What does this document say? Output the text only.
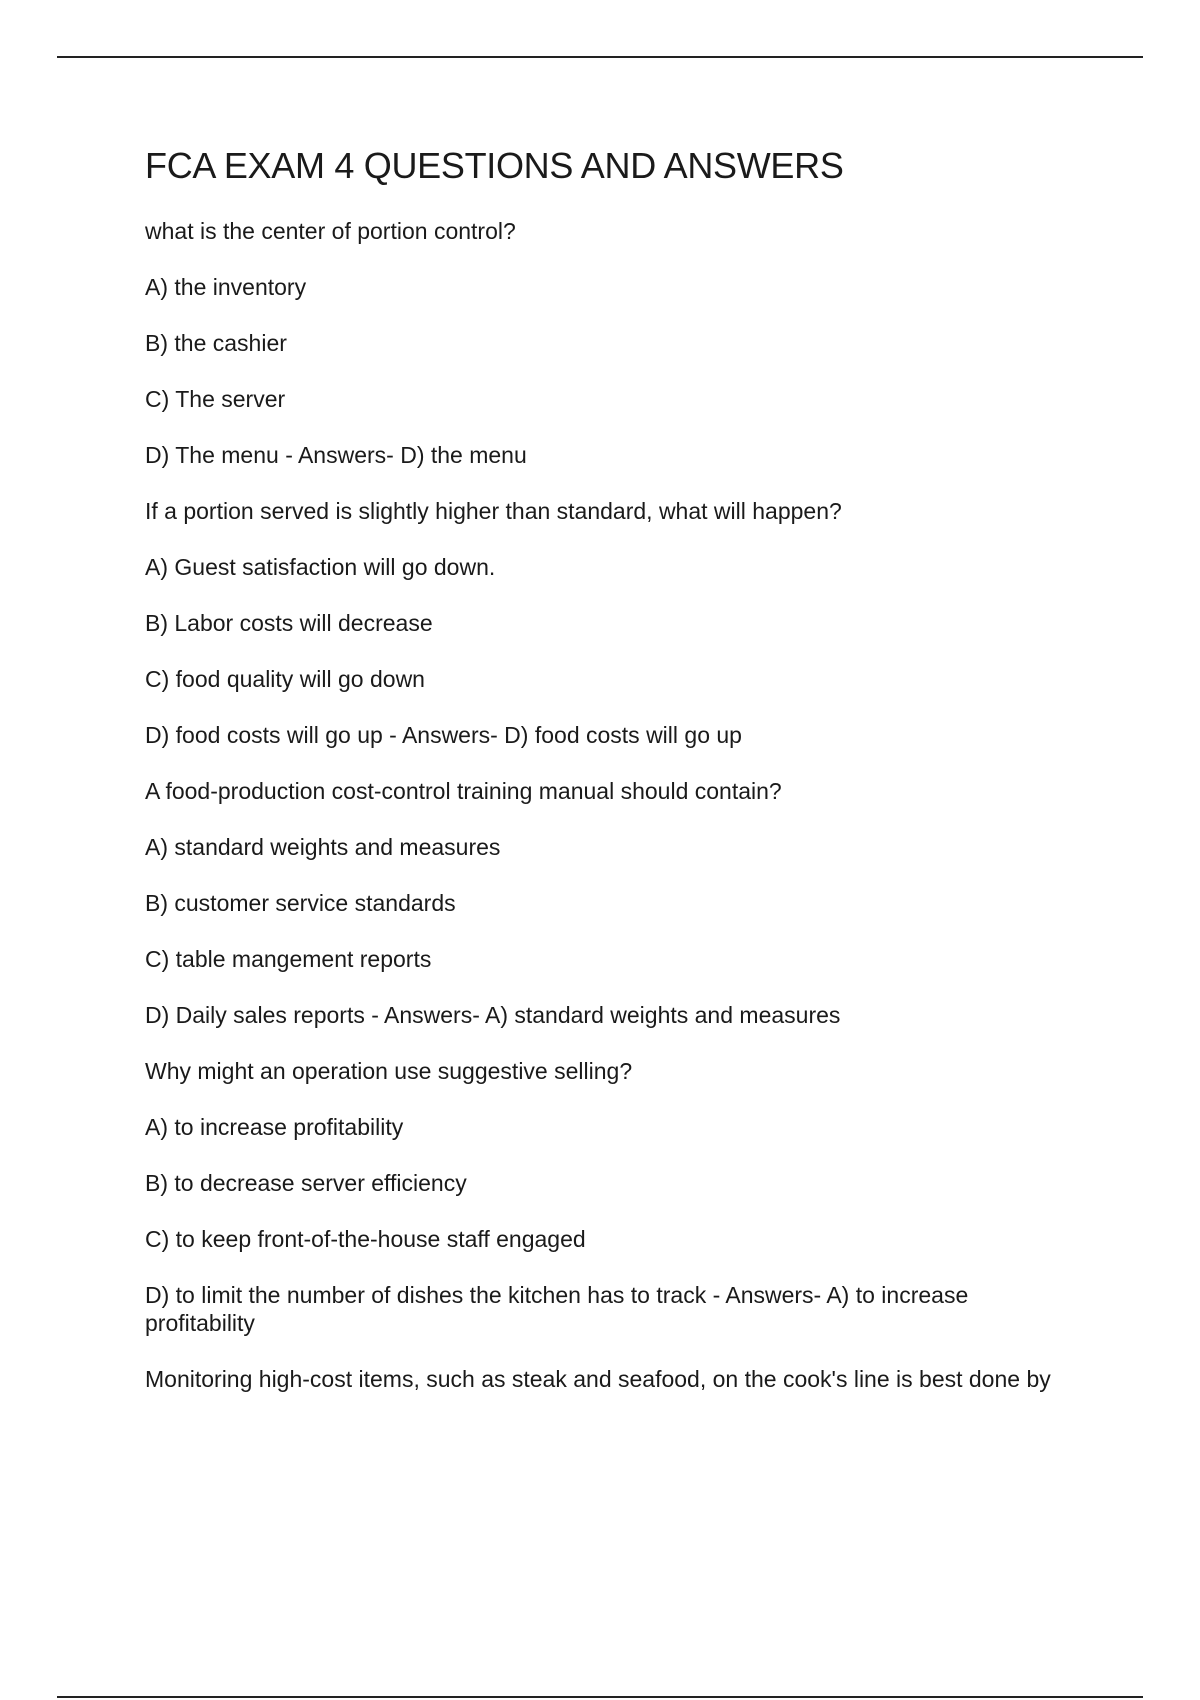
FCA EXAM 4 QUESTIONS AND ANSWERS

what is the center of portion control?

A) the inventory

B) the cashier

C) The server

D) The menu - Answers- D) the menu

If a portion served is slightly higher than standard, what will happen?

A) Guest satisfaction will go down.

B) Labor costs will decrease

C) food quality will go down

D) food costs will go up - Answers- D) food costs will go up

A food-production cost-control training manual should contain?

A) standard weights and measures

B) customer service standards

C) table mangement reports

D) Daily sales reports - Answers- A) standard weights and measures

Why might an operation use suggestive selling?

A) to increase profitability

B) to decrease server efficiency

C) to keep front-of-the-house staff engaged

D) to limit the number of dishes the kitchen has to track - Answers- A) to increase profitability

Monitoring high-cost items, such as steak and seafood, on the cook's line is best done by
